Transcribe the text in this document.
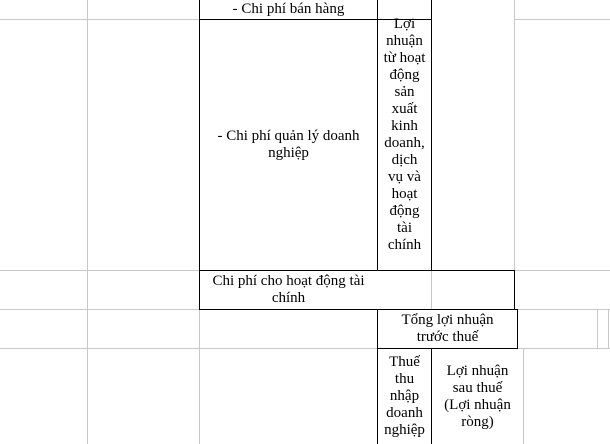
- Chi phí bán hàng
- Chi phí quản lý doanh
nghiệp
Lợi
nhuận
từ hoạt
động
sản
xuất
kinh
doanh,
dịch
vụ và
hoạt
động
tài
chính
Chi phí cho hoạt động tài
chính
Tổng lợi nhuận
trước thuế
Thuế
thu
nhập
doanh
nghiệp
Lợi nhuận
sau thuế
(Lợi nhuận
ròng)
